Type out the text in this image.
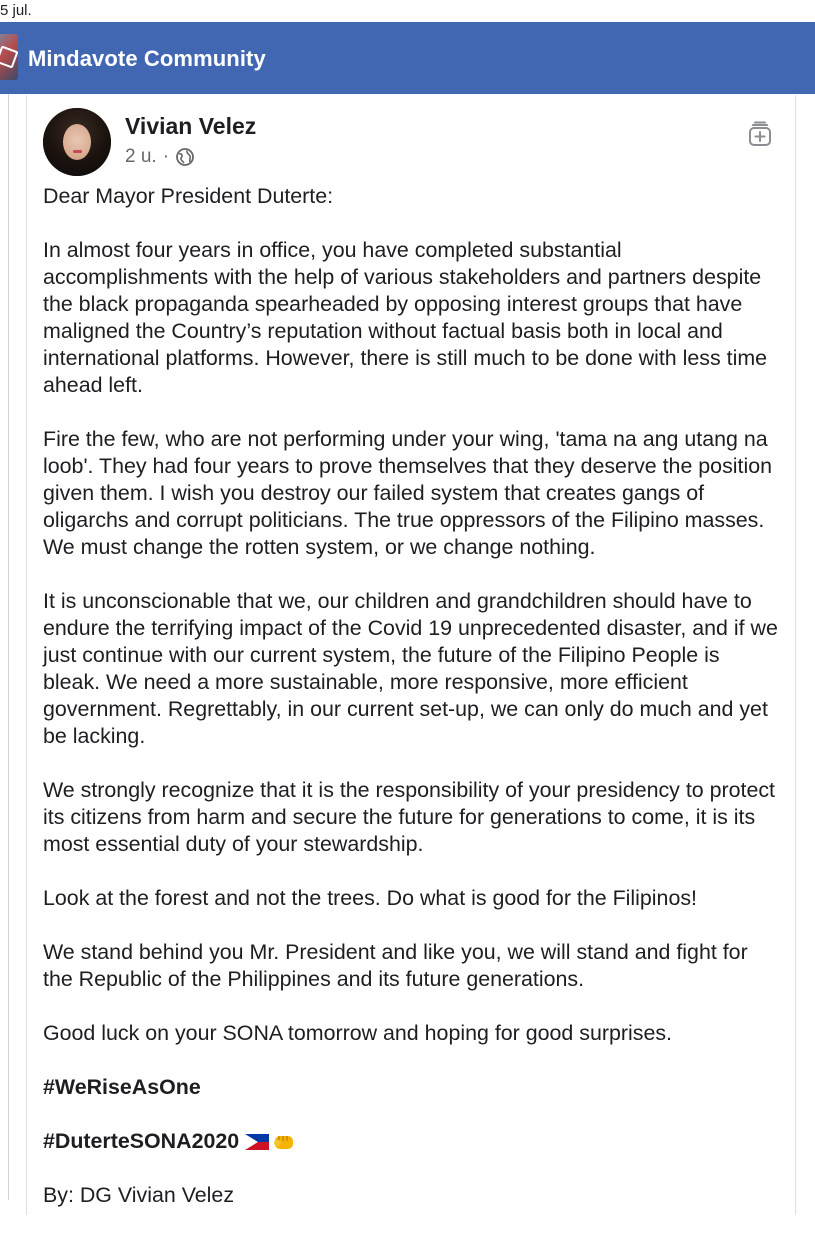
5 jul.
Mindavote Community
Vivian Velez
2 u. ·

Dear Mayor President Duterte:

In almost four years in office, you have completed substantial accomplishments with the help of various stakeholders and partners despite the black propaganda spearheaded by opposing interest groups that have maligned the Country’s reputation without factual basis both in local and international platforms. However, there is still much to be done with less time ahead left.

Fire the few, who are not performing under your wing, 'tama na ang utang na loob'. They had four years to prove themselves that they deserve the position given them. I wish you destroy our failed system that creates gangs of oligarchs and corrupt politicians. The true oppressors of the Filipino masses. We must change the rotten system, or we change nothing.

It is unconscionable that we, our children and grandchildren should have to endure the terrifying impact of the Covid 19 unprecedented disaster, and if we just continue with our current system, the future of the Filipino People is bleak. We need a more sustainable, more responsive, more efficient government. Regrettably, in our current set-up, we can only do much and yet be lacking.

We strongly recognize that it is the responsibility of your presidency to protect its citizens from harm and secure the future for generations to come, it is its most essential duty of your stewardship.

Look at the forest and not the trees. Do what is good for the Filipinos!

We stand behind you Mr. President and like you, we will stand and fight for the Republic of the Philippines and its future generations.

Good luck on your SONA tomorrow and hoping for good surprises.

#WeRiseAsOne

#DuterteSONA2020

By: DG Vivian Velez
